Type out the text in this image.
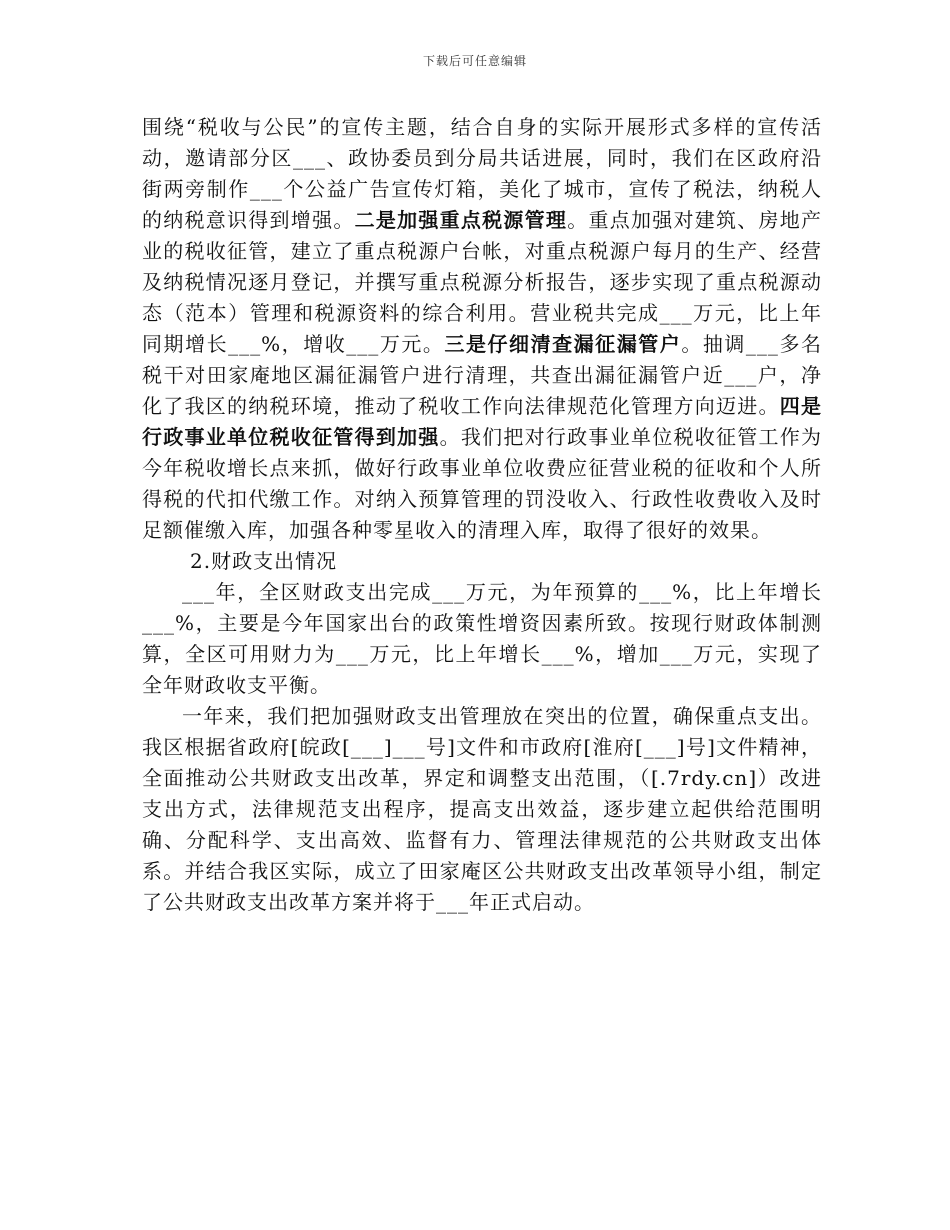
下载后可任意编辑

围绕“税收与公民”的宣传主题，结合自身的实际开展形式多样的宣传活动，邀请部分区___、政协委员到分局共话进展，同时，我们在区政府沿街两旁制作___个公益广告宣传灯箱，美化了城市，宣传了税法，纳税人的纳税意识得到增强。二是加强重点税源管理。重点加强对建筑、房地产业的税收征管，建立了重点税源户台帐，对重点税源户每月的生产、经营及纳税情况逐月登记，并撰写重点税源分析报告，逐步实现了重点税源动态（范本）管理和税源资料的综合利用。营业税共完成___万元，比上年同期增长___%，增收___万元。三是仔细清查漏征漏管户。抽调___多名税干对田家庵地区漏征漏管户进行清理，共查出漏征漏管户近___户，净化了我区的纳税环境，推动了税收工作向法律规范化管理方向迈进。四是行政事业单位税收征管得到加强。我们把对行政事业单位税收征管工作为今年税收增长点来抓，做好行政事业单位收费应征营业税的征收和个人所得税的代扣代缴工作。对纳入预算管理的罚没收入、行政性收费收入及时足额催缴入库，加强各种零星收入的清理入库，取得了很好的效果。

2.财政支出情况

___年，全区财政支出完成___万元，为年预算的___%，比上年增长___%，主要是今年国家出台的政策性增资因素所致。按现行财政体制测算，全区可用财力为___万元，比上年增长___%，增加___万元，实现了全年财政收支平衡。

一年来，我们把加强财政支出管理放在突出的位置，确保重点支出。我区根据省政府[皖政[___]___号]文件和市政府[淮府[___]号]文件精神，全面推动公共财政支出改革，界定和调整支出范围，（[.7rdy.cn]）改进支出方式，法律规范支出程序，提高支出效益，逐步建立起供给范围明确、分配科学、支出高效、监督有力、管理法律规范的公共财政支出体系。并结合我区实际，成立了田家庵区公共财政支出改革领导小组，制定了公共财政支出改革方案并将于___年正式启动。
